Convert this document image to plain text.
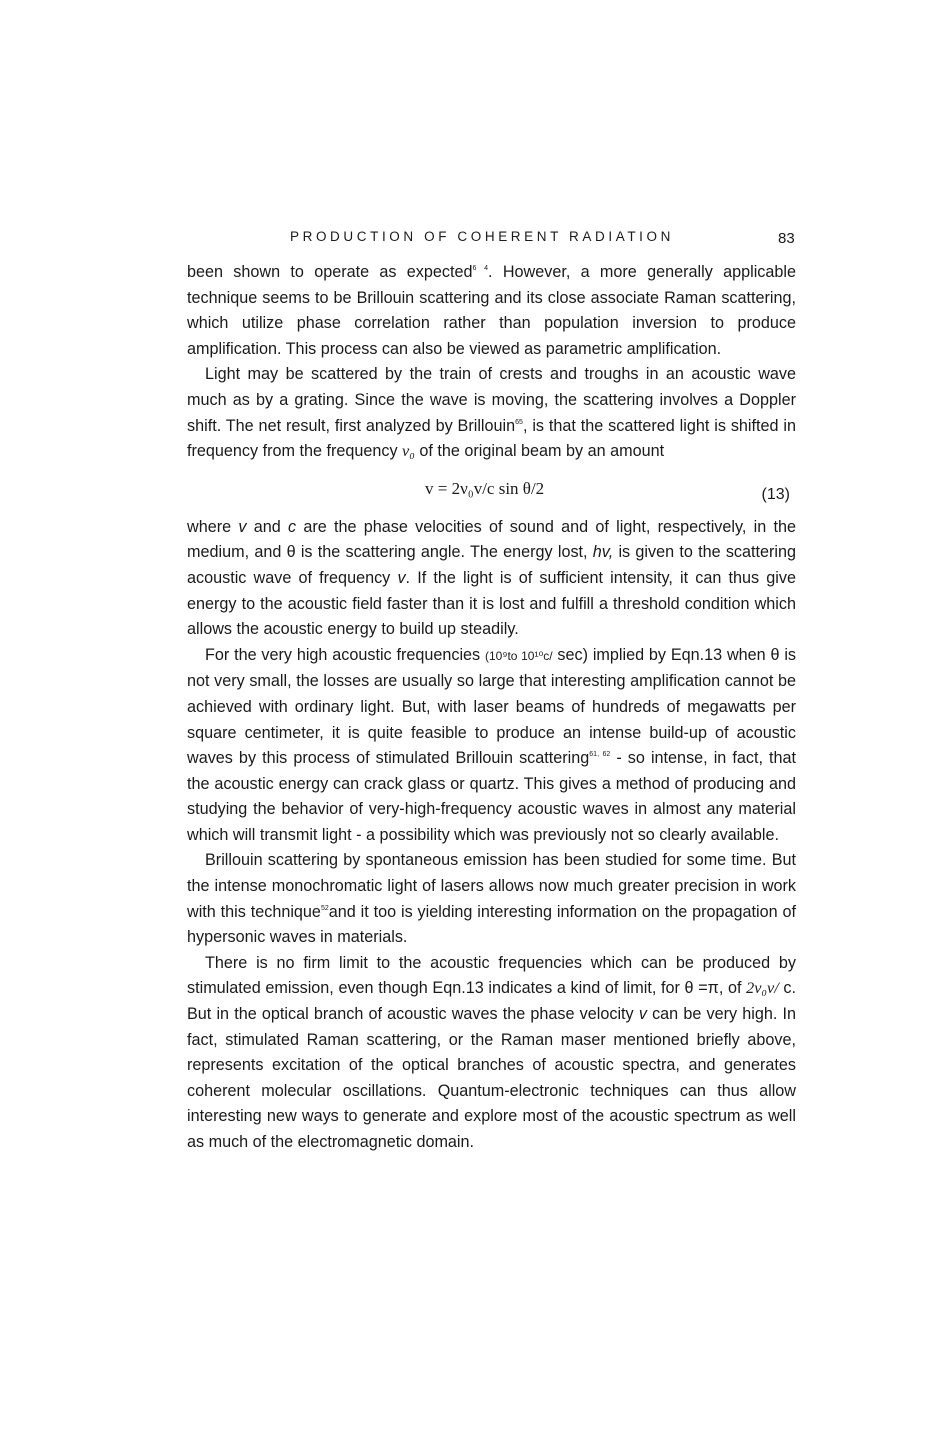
PRODUCTION OF COHERENT RADIATION	83

been shown to operate as expected$^{6 4}$. However, a more generally applicable technique seems to be Brillouin scattering and its close associate Raman scattering, which utilize phase correlation rather than population inversion to produce amplification. This process can also be viewed as parametric amplification.

Light may be scattered by the train of crests and troughs in an acoustic wave much as by a grating. Since the wave is moving, the scattering involves a Doppler shift. The net result, first analyzed by Brillouin$^{65}$, is that the scattered light is shifted in frequency from the frequency ν₀ of the original beam by an amount

v = 2ν₀v/c sin θ/2	(13)

where v and c are the phase velocities of sound and of light, respectively, in the medium, and θ is the scattering angle. The energy lost, hv, is given to the scattering acoustic wave of frequency v. If the light is of sufficient intensity, it can thus give energy to the acoustic field faster than it is lost and fulfill a threshold condition which allows the acoustic energy to build up steadily.

For the very high acoustic frequencies (10⁹to 10¹⁰c/ sec) implied by Eqn.13 when θ is not very small, the losses are usually so large that interesting amplification cannot be achieved with ordinary light. But, with laser beams of hundreds of megawatts per square centimeter, it is quite feasible to produce an intense build-up of acoustic waves by this process of stimulated Brillouin scattering$^{61, 62}$ - so intense, in fact, that the acoustic energy can crack glass or quartz. This gives a method of producing and studying the behavior of very-high-frequency acoustic waves in almost any material which will transmit light - a possibility which was previously not so clearly available.

Brillouin scattering by spontaneous emission has been studied for some time. But the intense monochromatic light of lasers allows now much greater precision in work with this technique$^{52}$and it too is yielding interesting information on the propagation of hypersonic waves in materials.

There is no firm limit to the acoustic frequencies which can be produced by stimulated emission, even though Eqn.13 indicates a kind of limit, for θ =π, of 2ν₀v/ c. But in the optical branch of acoustic waves the phase velocity v can be very high. In fact, stimulated Raman scattering, or the Raman maser mentioned briefly above, represents excitation of the optical branches of acoustic spectra, and generates coherent molecular oscillations. Quantum-electronic techniques can thus allow interesting new ways to generate and explore most of the acoustic spectrum as well as much of the electromagnetic domain.
